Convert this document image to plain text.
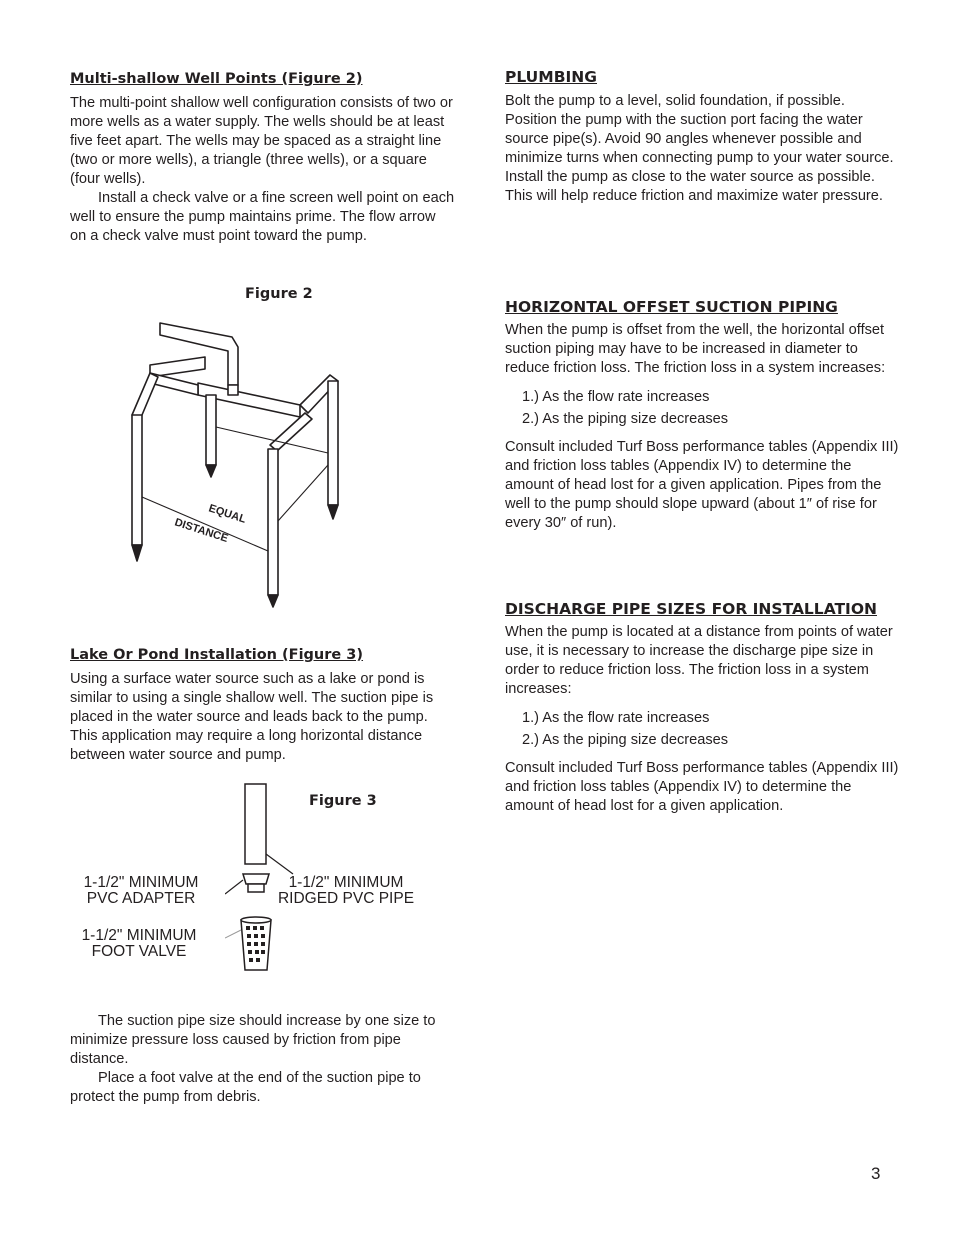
Multi-shallow Well Points (Figure 2)

The multi-point shallow well configuration consists of two or more wells as a water supply. The wells should be at least five feet apart. The wells may be spaced as a straight line (two or more wells), a triangle (three wells), or a square (four wells).

Install a check valve or a fine screen well point on each well to ensure the pump maintains prime. The flow arrow on a check valve must point toward the pump.

Figure 2
EQUAL
DISTANCE
Lake Or Pond Installation (Figure 3)

Using a surface water source such as a lake or pond is similar to using a single shallow well. The suction pipe is placed in the water source and leads back to the pump. This application may require a long horizontal distance between water source and pump.

Figure 3
1-1/2" MINIMUM
PVC ADAPTER
1-1/2" MINIMUM
RIDGED PVC PIPE
1-1/2" MINIMUM
FOOT VALVE

The suction pipe size should increase by one size to minimize pressure loss caused by friction from pipe distance.

Place a foot valve at the end of the suction pipe to protect the pump from debris.

PLUMBING

Bolt the pump to a level, solid foundation, if possible. Position the pump with the suction port facing the water source pipe(s). Avoid 90 angles whenever possible and minimize turns when connecting pump to your water source. Install the pump as close to the water source as possible. This will help reduce friction and maximize water pressure.

HORIZONTAL OFFSET SUCTION PIPING

When the pump is offset from the well, the horizontal offset suction piping may have to be increased in diameter to reduce friction loss. The friction loss in a system increases:

1.) As the flow rate increases
2.) As the piping size decreases

Consult included Turf Boss performance tables (Appendix III) and friction loss tables (Appendix IV) to determine the amount of head lost for a given application. Pipes from the well to the pump should slope upward (about 1″ of rise for every 30″ of run).

DISCHARGE PIPE SIZES FOR INSTALLATION

When the pump is located at a distance from points of water use, it is necessary to increase the discharge pipe size in order to reduce friction loss. The friction loss in a system increases:

1.) As the flow rate increases
2.) As the piping size decreases

Consult included Turf Boss performance tables (Appendix III) and friction loss tables (Appendix IV) to determine the amount of head lost for a given application.

3
